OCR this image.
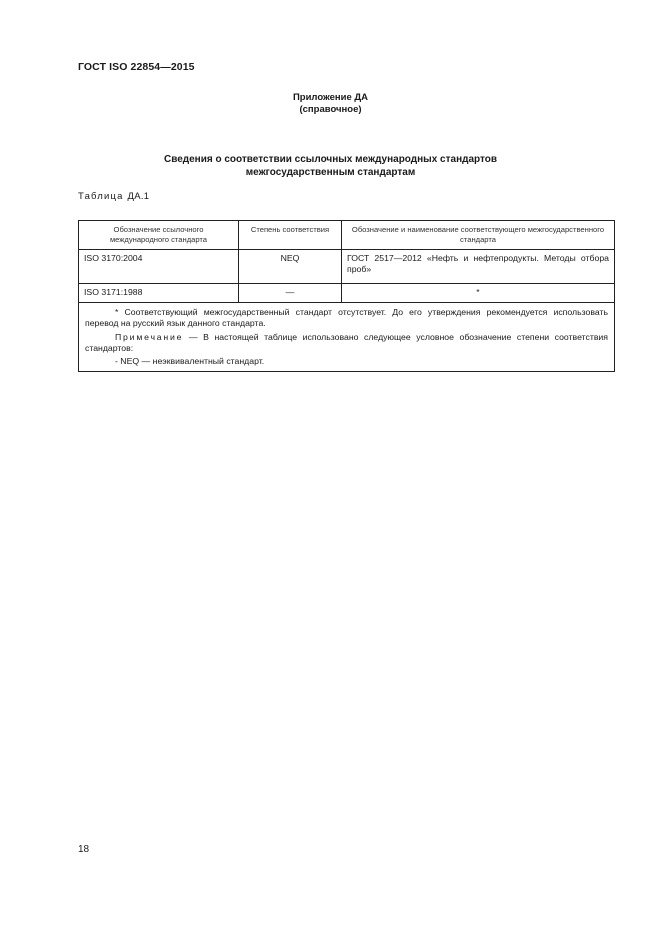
ГОСТ ISO 22854—2015
Приложение ДА
(справочное)
Сведения о соответствии ссылочных международных стандартов
межгосударственным стандартам
Таблица ДА.1
Обозначение ссылочного международного стандарта	Степень соответствия	Обозначение и наименование соответствующего межгосударственного стандарта
ISO 3170:2004	NEQ	ГОСТ 2517—2012 «Нефть и нефтепродукты. Методы отбора проб»
ISO 3171:1988	—	*

* Соответствующий межгосударственный стандарт отсутствует. До его утверждения рекомендуется использовать перевод на русский язык данного стандарта.

Примечание — В настоящей таблице использовано следующее условное обозначение степени соответствия стандартов:

- NEQ — неэквивалентный стандарт.		

18
